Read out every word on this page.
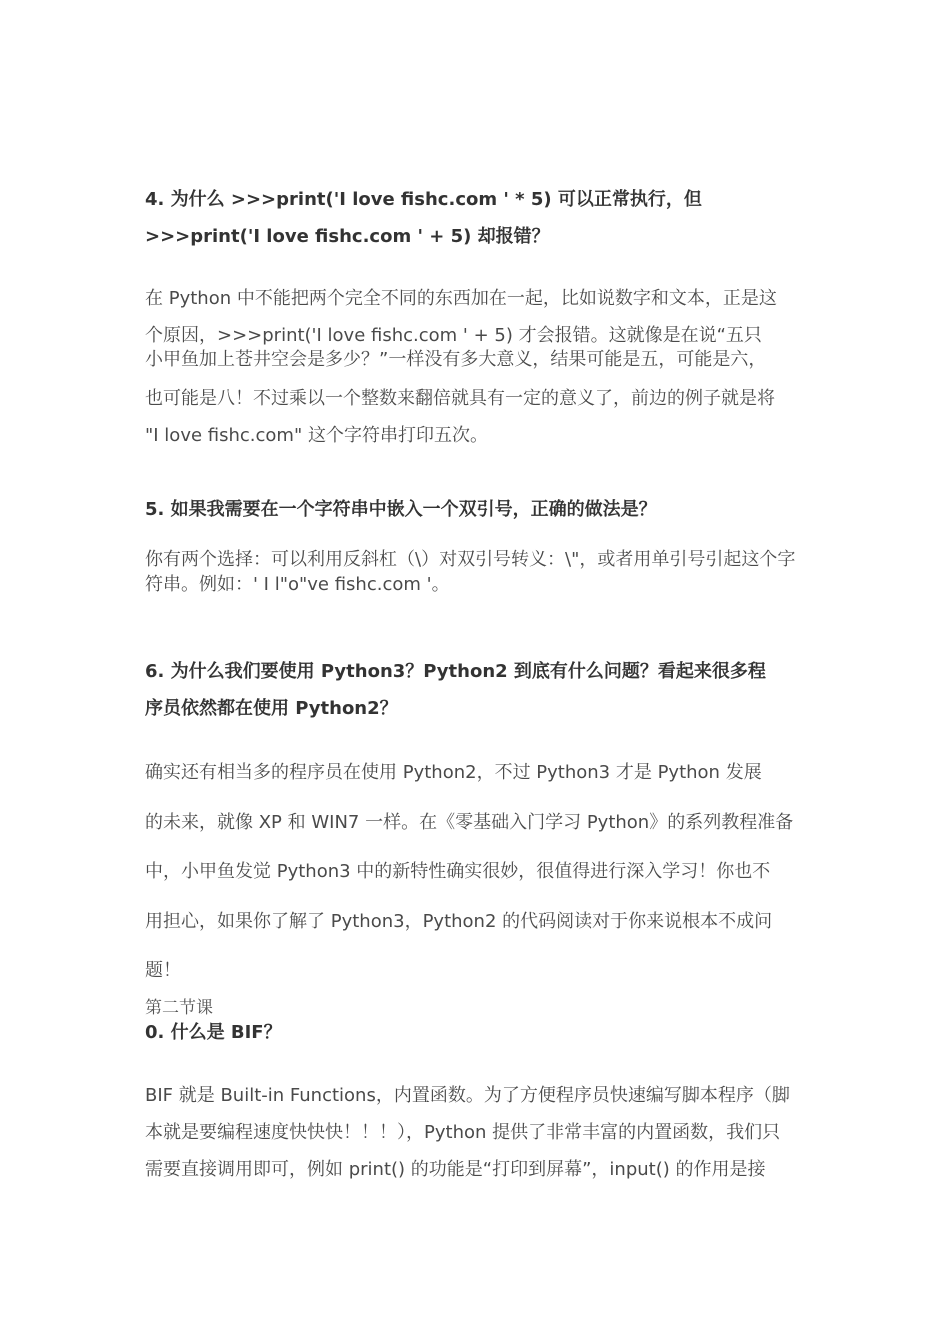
4. 为什么 >>>print('I love fishc.com ' * 5) 可以正常执行，但

>>>print('I love fishc.com ' + 5) 却报错？

在 Python 中不能把两个完全不同的东西加在一起，比如说数字和文本，正是这

个原因，>>>print('I love fishc.com ' + 5) 才会报错。这就像是在说“五只

小甲鱼加上苍井空会是多少？”一样没有多大意义，结果可能是五，可能是六，

也可能是八！不过乘以一个整数来翻倍就具有一定的意义了，前边的例子就是将

"I love fishc.com" 这个字符串打印五次。

5. 如果我需要在一个字符串中嵌入一个双引号，正确的做法是？

你有两个选择：可以利用反斜杠（\）对双引号转义：\"，或者用单引号引起这个字

符串。例如：' I l"o"ve fishc.com '。

6. 为什么我们要使用 Python3？Python2 到底有什么问题？看起来很多程

序员依然都在使用 Python2？

确实还有相当多的程序员在使用 Python2，不过 Python3 才是 Python 发展

的未来，就像 XP 和 WIN7 一样。在《零基础入门学习 Python》的系列教程准备

中，小甲鱼发觉 Python3 中的新特性确实很妙，很值得进行深入学习！你也不

用担心，如果你了解了 Python3，Python2 的代码阅读对于你来说根本不成问

题！

第二节课

0. 什么是 BIF？

BIF 就是 Built-in Functions，内置函数。为了方便程序员快速编写脚本程序（脚

本就是要编程速度快快快！！！），Python 提供了非常丰富的内置函数，我们只

需要直接调用即可，例如 print() 的功能是“打印到屏幕”，input() 的作用是接
